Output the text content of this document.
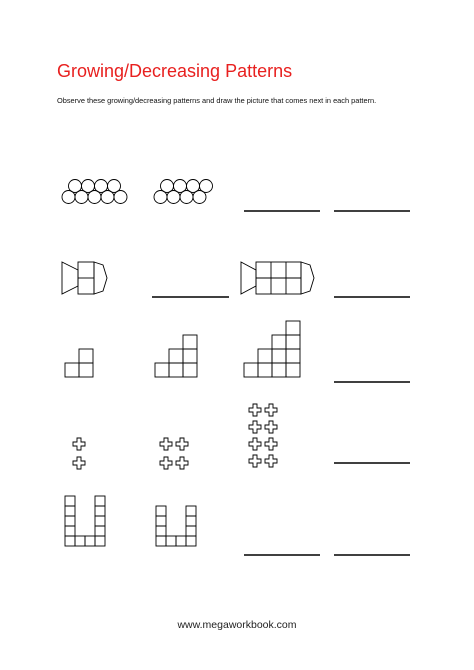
Growing/Decreasing Patterns

Observe these growing/decreasing patterns and draw the picture that comes next in each pattern.

www.megaworkbook.com
